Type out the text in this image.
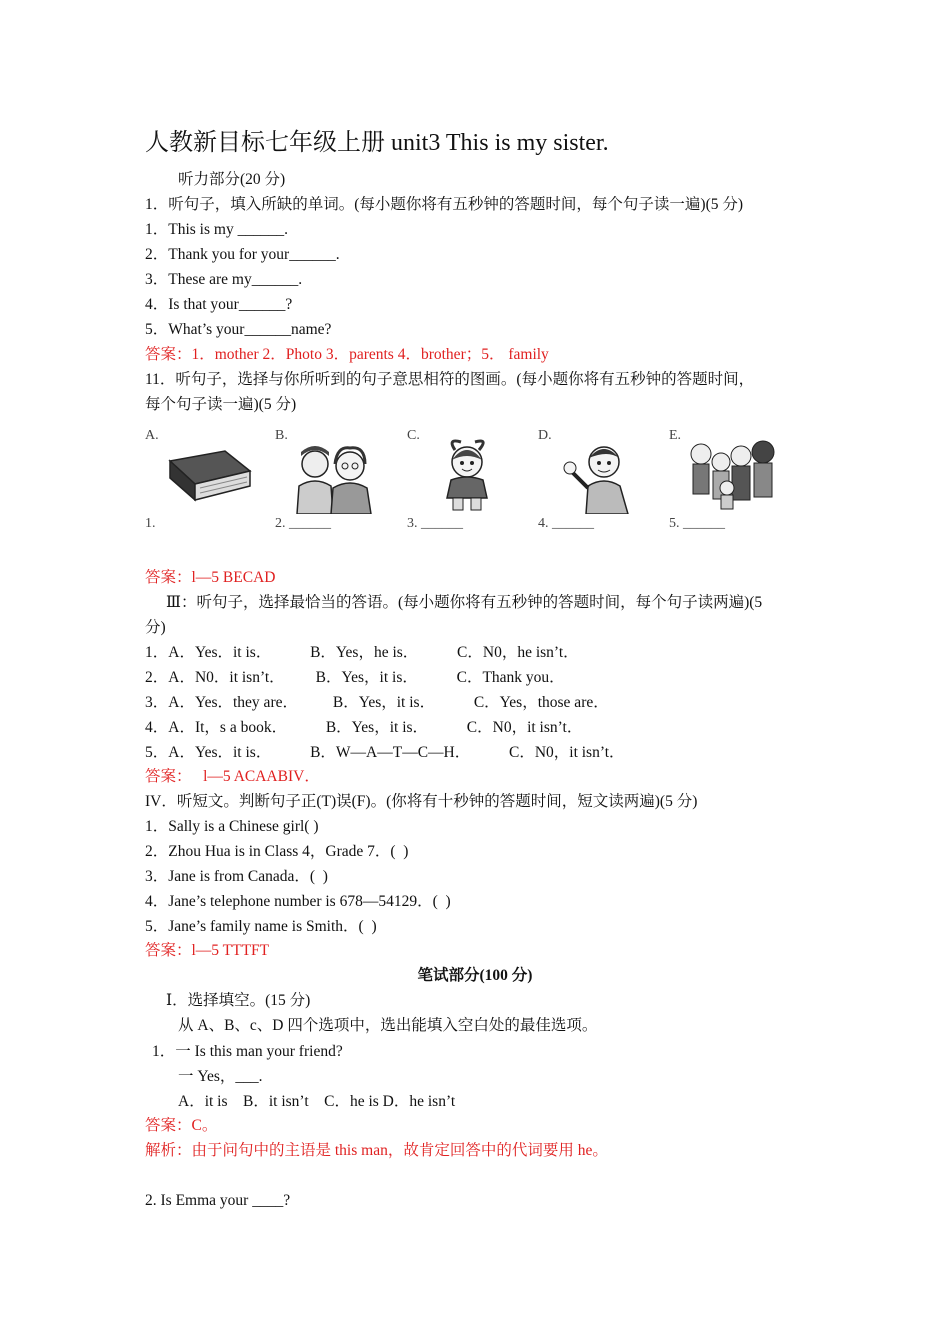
人教新目标七年级上册 unit3 This is my sister.
听力部分(20 分)
1．听句子，填入所缺的单词。(每小题你将有五秒钟的答题时间，每个句子读一遍)(5 分)
1．This is my ______.
2．Thank you for your______.
3．These are my______.
4．Is that your______?
5．What’s your______name?
答案：1．mother 2．Photo 3．parents 4．brother；5． family
11．听句子，选择与你所听到的句子意思相符的图画。(每小题你将有五秒钟的答题时间，
每个句子读一遍)(5 分)
A.
1.
B.
2. ______
C.
3. ______
D.
4. ______
E.
5. ______
答案：l—5 BECAD
Ⅲ：听句子，选择最恰当的答语。(每小题你将有五秒钟的答题时间，每个句子读两遍)(5
分)
1．A．Yes．it is．          B．Yes，he is．          C．N0，he isn’t．
2．A．N0．it isn’t．        B．Yes，it is．          C．Thank you．
3．A．Yes．they are．         B．Yes，it is．          C．Yes，those are．
4．A．It，s a book．          B．Yes，it is．          C．N0，it isn’t．
5．A．Yes．it is．          B．W—A—T—C—H．          C．N0，it isn’t．
答案：   l—5 ACAABIV．
IV．听短文。判断句子正(T)误(F)。(你将有十秒钟的答题时间，短文读两遍)(5 分)
1．Sally is a Chinese girl( )
2．Zhou Hua is in Class 4，Grade 7．(  )
3．Jane is from Canada．(  )
4．Jane’s telephone number is 678—54129．(  )
5．Jane’s family name is Smith．(  )
答案：l—5 TTTFT
笔试部分(100 分)
Ⅰ．选择填空。(15 分)
从 A、B、c、D 四个选项中，选出能填入空白处的最佳选项。
1．一 Is this man your friend?
一 Yes，___.
A．it is    B．it isn’t    C．he is D．he isn’t
答案：C。
解析：由于问句中的主语是 this man，故肯定回答中的代词要用 he。
2. Is Emma your ____?
